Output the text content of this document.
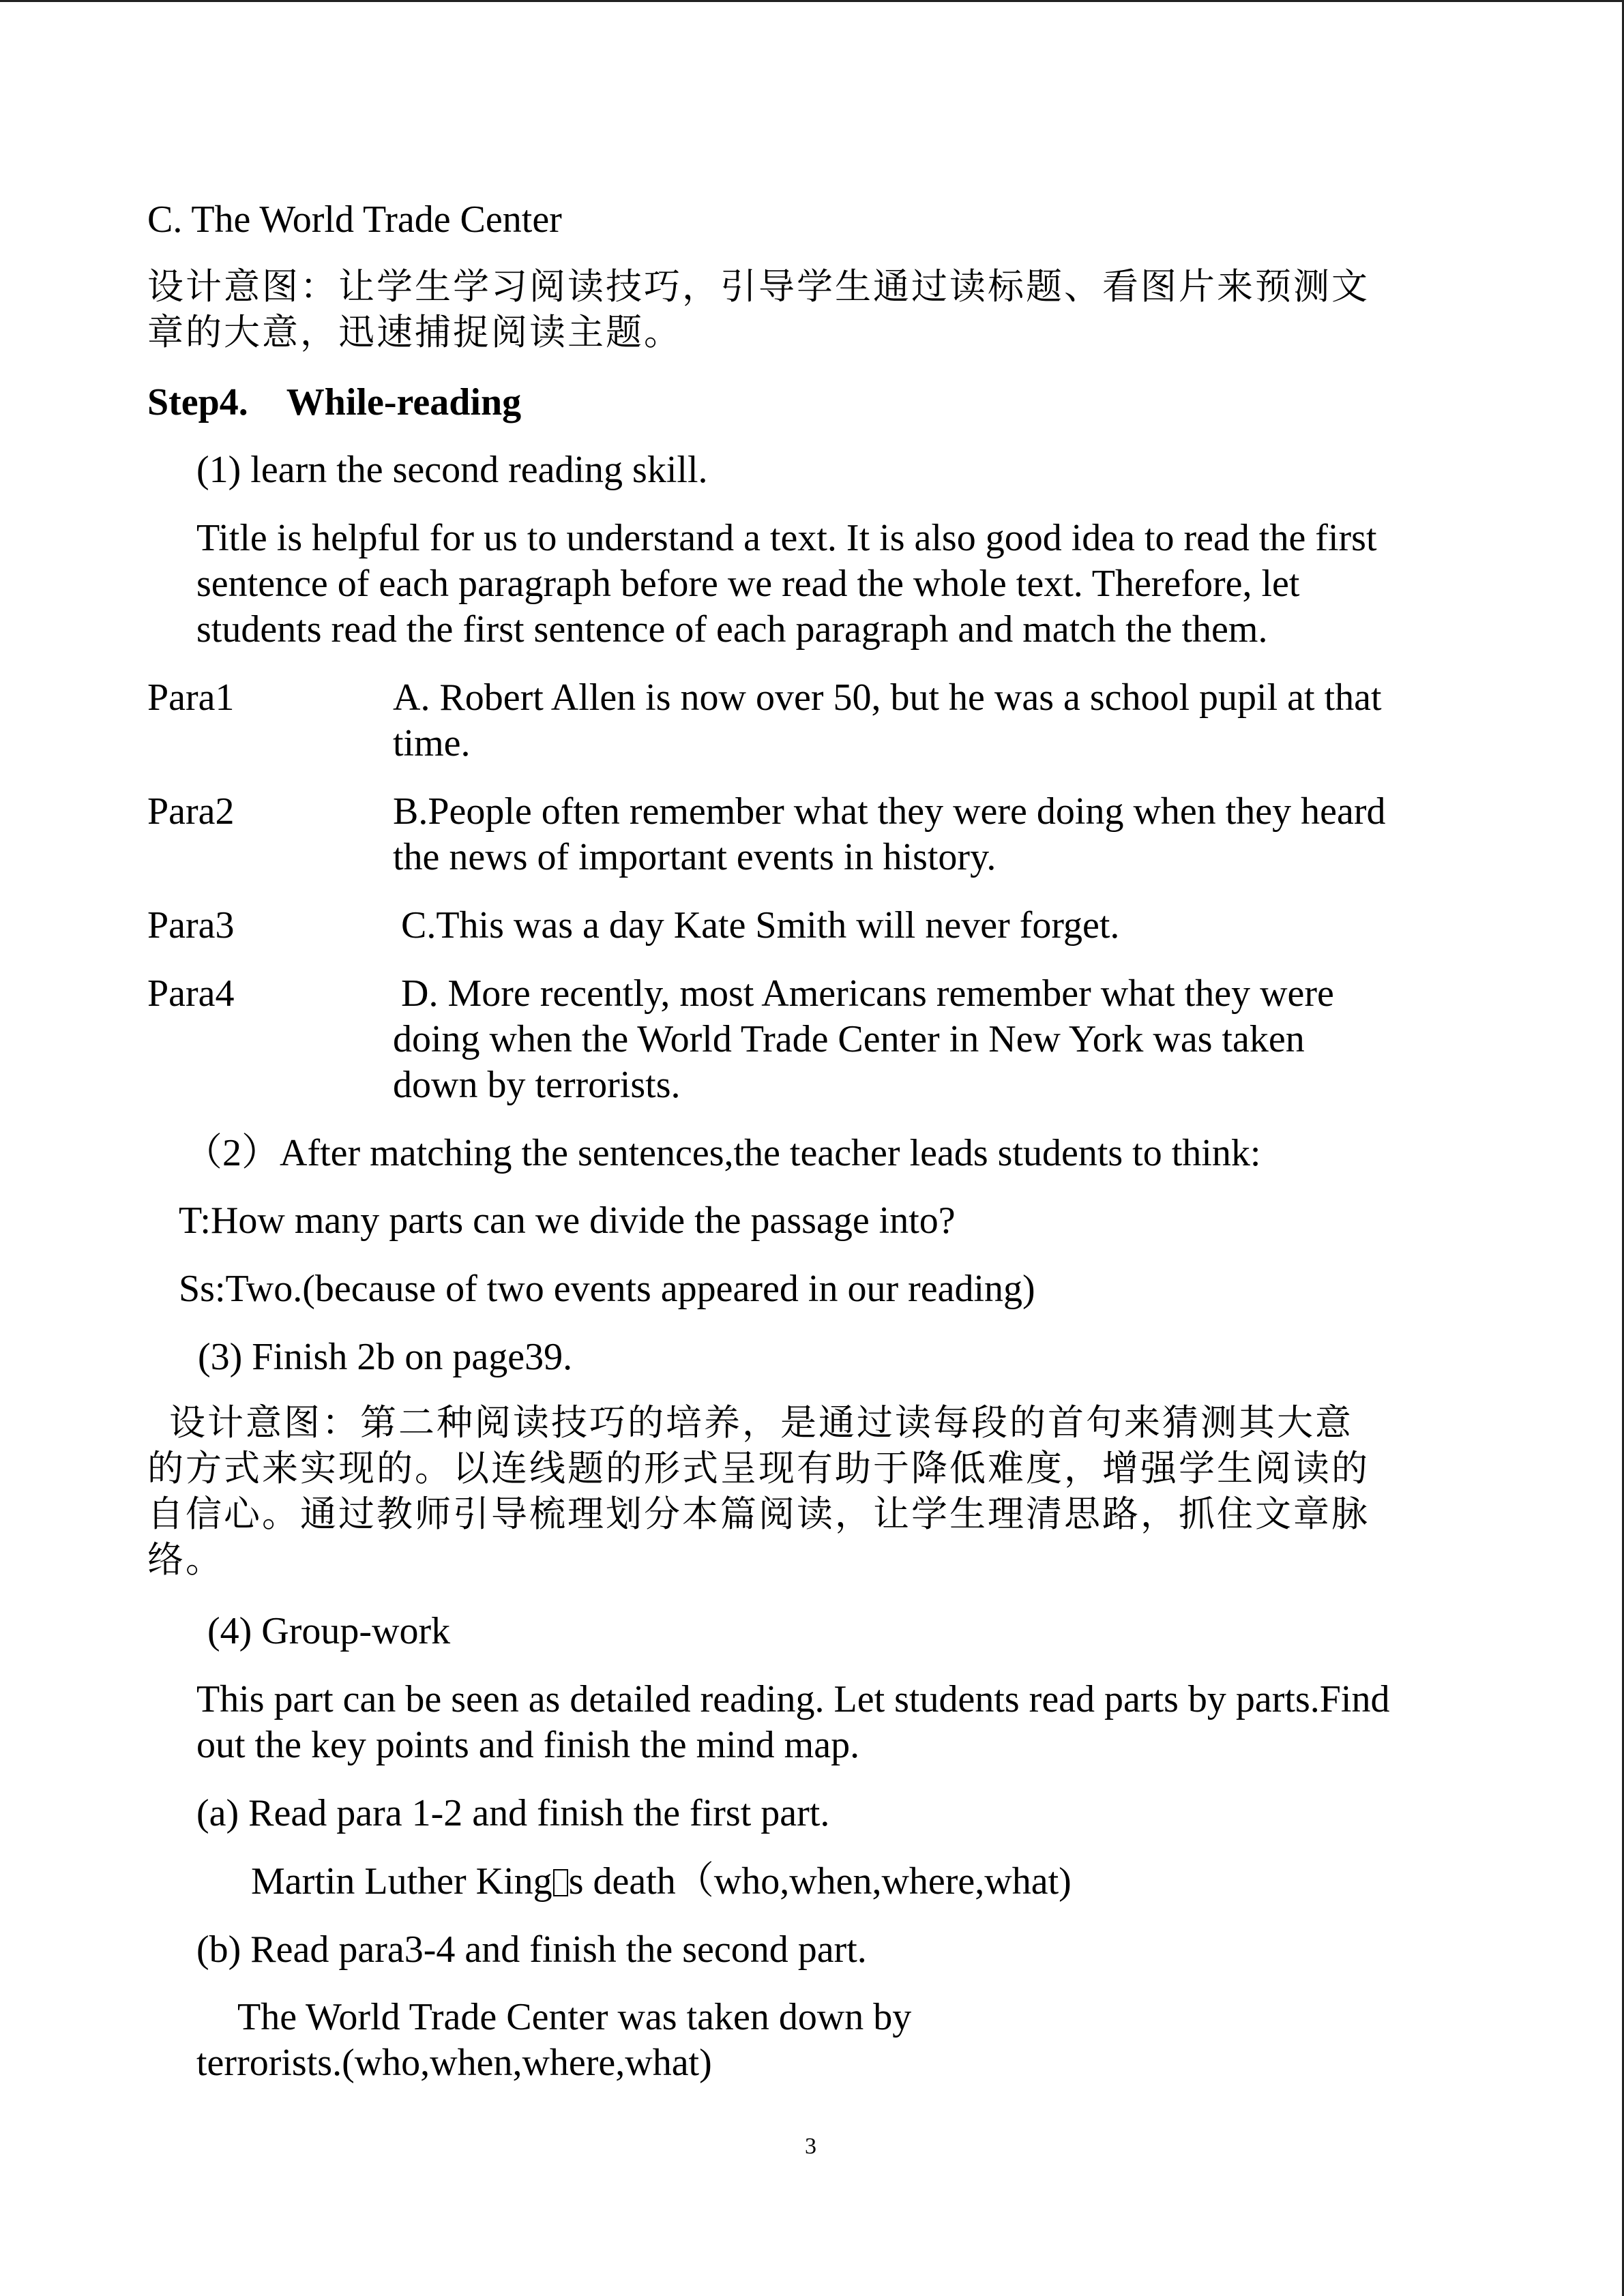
C. The World Trade Center

设计意图：让学生学习阅读技巧，引导学生通过读标题、看图片来预测文

章的大意，迅速捕捉阅读主题。

Step4.    While-reading

(1) learn the second reading skill.

Title is helpful for us to understand a text. It is also good idea to read the first

sentence of each paragraph before we read the whole text. Therefore, let

students read the first sentence of each paragraph and match the them.

Para1	A. Robert Allen is now over 50, but he was a school pupil at that

time.

Para2	B.People often remember what they were doing when they heard

the news of important events in history.

Para3	C.This was a day Kate Smith will never forget.

Para4	D. More recently, most Americans remember what they were

doing when the World Trade Center in New York was taken

down by terrorists.

（2）After matching the sentences,the teacher leads students to think:

T:How many parts can we divide the passage into?

Ss:Two.(because of two events appeared in our reading)

(3) Finish 2b on page39.

设计意图：第二种阅读技巧的培养，是通过读每段的首句来猜测其大意

的方式来实现的。以连线题的形式呈现有助于降低难度，增强学生阅读的

自信心。通过教师引导梳理划分本篇阅读，让学生理清思路，抓住文章脉

络。

(4) Group-work

This part can be seen as detailed reading. Let students read parts by parts.Find

out the key points and finish the mind map.

(a) Read para 1-2 and finish the first part.

Martin Luther King s death（who,when,where,what)

(b) Read para3-4 and finish the second part.

The World Trade Center was taken down by

terrorists.(who,when,where,what)

3
